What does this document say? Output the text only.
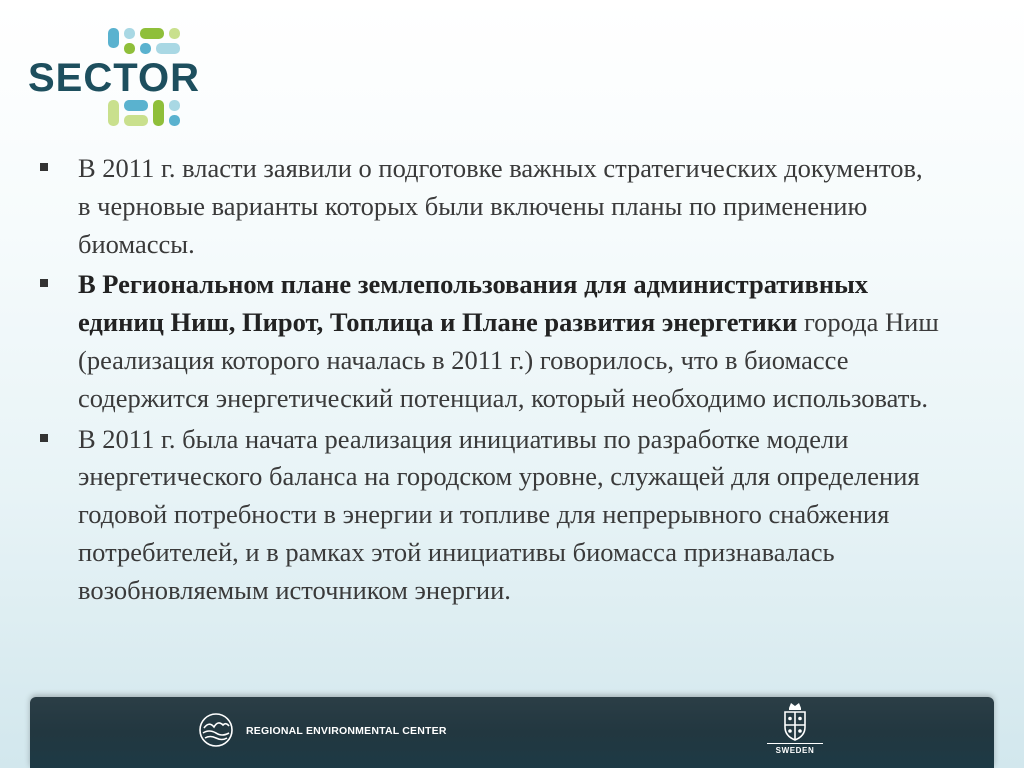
SECTOR
В 2011 г. власти заявили о подготовке важных стратегических документов, в черновые варианты которых были включены планы по применению биомассы.
В Региональном плане землепользования для административных единиц Ниш, Пирот, Топлица и Плане развития энергетики города Ниш (реализация которого началась в 2011 г.) говорилось, что в биомассе содержится энергетический потенциал, который необходимо использовать.
В 2011 г. была начата реализация инициативы по разработке модели энергетического баланса на городском уровне, служащей для определения годовой потребности в энергии и топливе для непрерывного снабжения потребителей, и в рамках этой инициативы биомасса признавалась возобновляемым источником энергии.
REGIONAL ENVIRONMENTAL CENTER
SWEDEN
